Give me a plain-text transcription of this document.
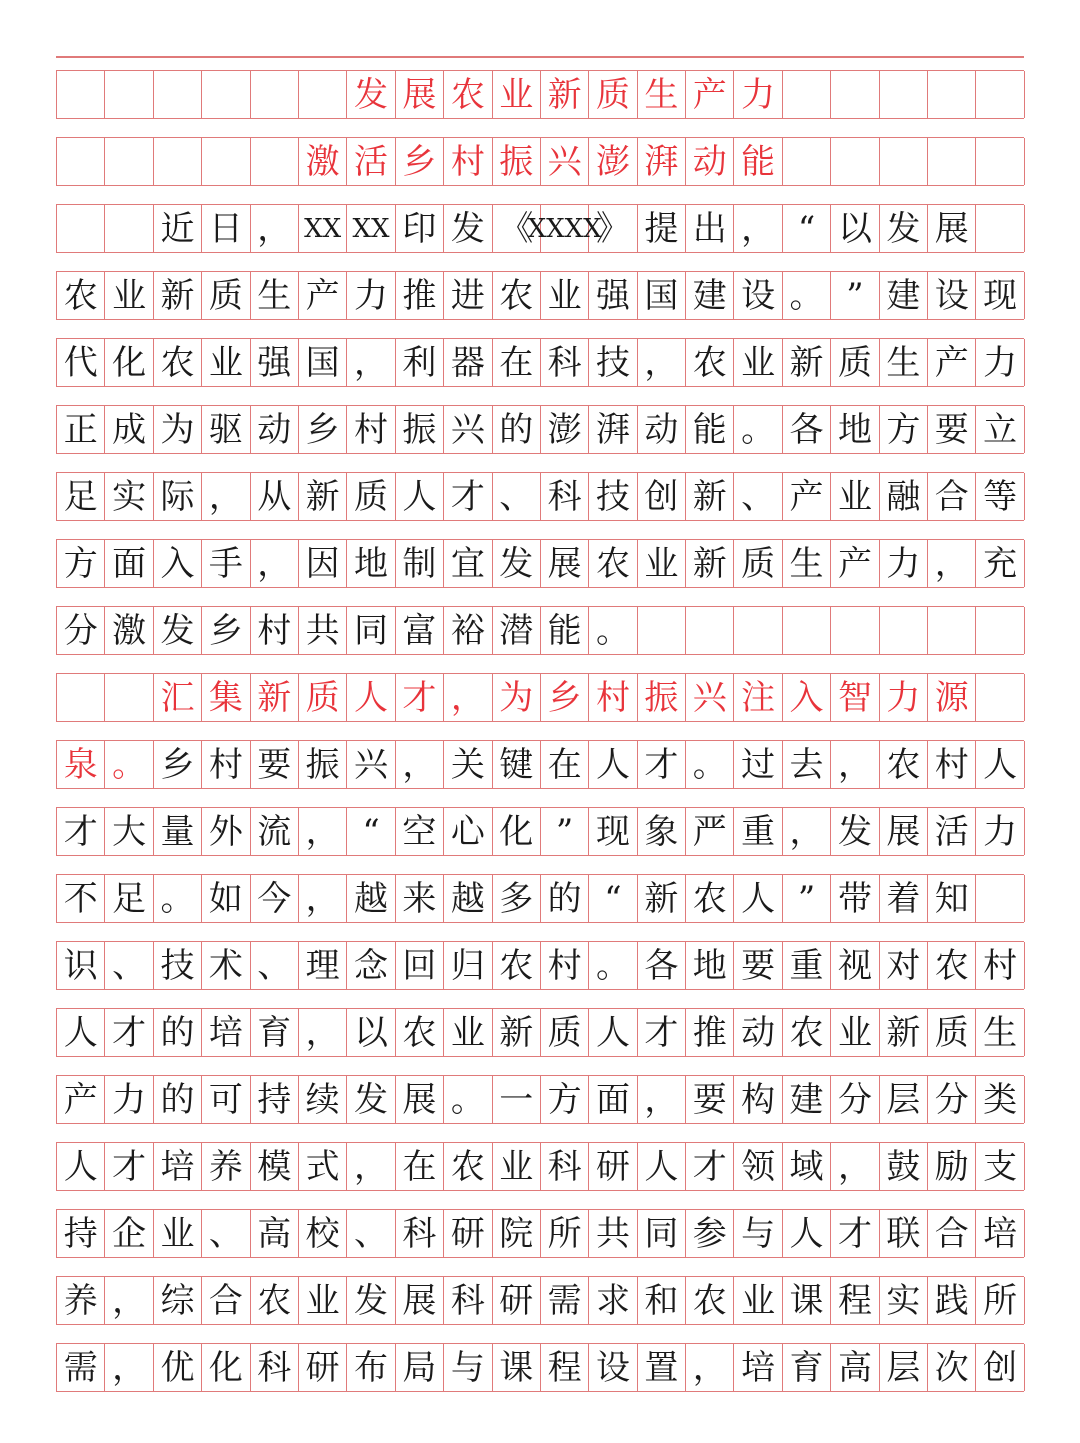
发 展 农 业 新 质 生 产 力
激 活 乡 村 振 兴 澎 湃 动 能
近 日 ， XX XX 印 发 《
XXXX
》 提 出 ， “ 以 发 展
农 业 新 质 生 产 力 推 进 农 业 强 国 建 设 。 ” 建 设 现
代 化 农 业 强 国 ， 利 器 在 科 技 ， 农 业 新 质 生 产 力
正 成 为 驱 动 乡 村 振 兴 的 澎 湃 动 能 。 各 地 方 要 立
足 实 际 ， 从 新 质 人 才 、 科 技 创 新 、 产 业 融 合 等
方 面 入 手 ， 因 地 制 宜 发 展 农 业 新 质 生 产 力 ， 充
分 激 发 乡 村 共 同 富 裕 潜 能 。
汇 集 新 质 人 才 ， 为 乡 村 振 兴 注 入 智 力 源
泉 。 乡 村 要 振 兴 ， 关 键 在 人 才 。 过 去 ， 农 村 人
才 大 量 外 流 ， “ 空 心 化 ” 现 象 严 重 ， 发 展 活 力
不 足 。 如 今 ， 越 来 越 多 的 “ 新 农 人 ” 带 着 知
识 、 技 术 、 理 念 回 归 农 村 。 各 地 要 重 视 对 农 村
人 才 的 培 育 ， 以 农 业 新 质 人 才 推 动 农 业 新 质 生
产 力 的 可 持 续 发 展 。 一 方 面 ， 要 构 建 分 层 分 类
人 才 培 养 模 式 ， 在 农 业 科 研 人 才 领 域 ， 鼓 励 支
持 企 业 、 高 校 、 科 研 院 所 共 同 参 与 人 才 联 合 培
养 ， 综 合 农 业 发 展 科 研 需 求 和 农 业 课 程 实 践 所
需 ， 优 化 科 研 布 局 与 课 程 设 置 ， 培 育 高 层 次 创
